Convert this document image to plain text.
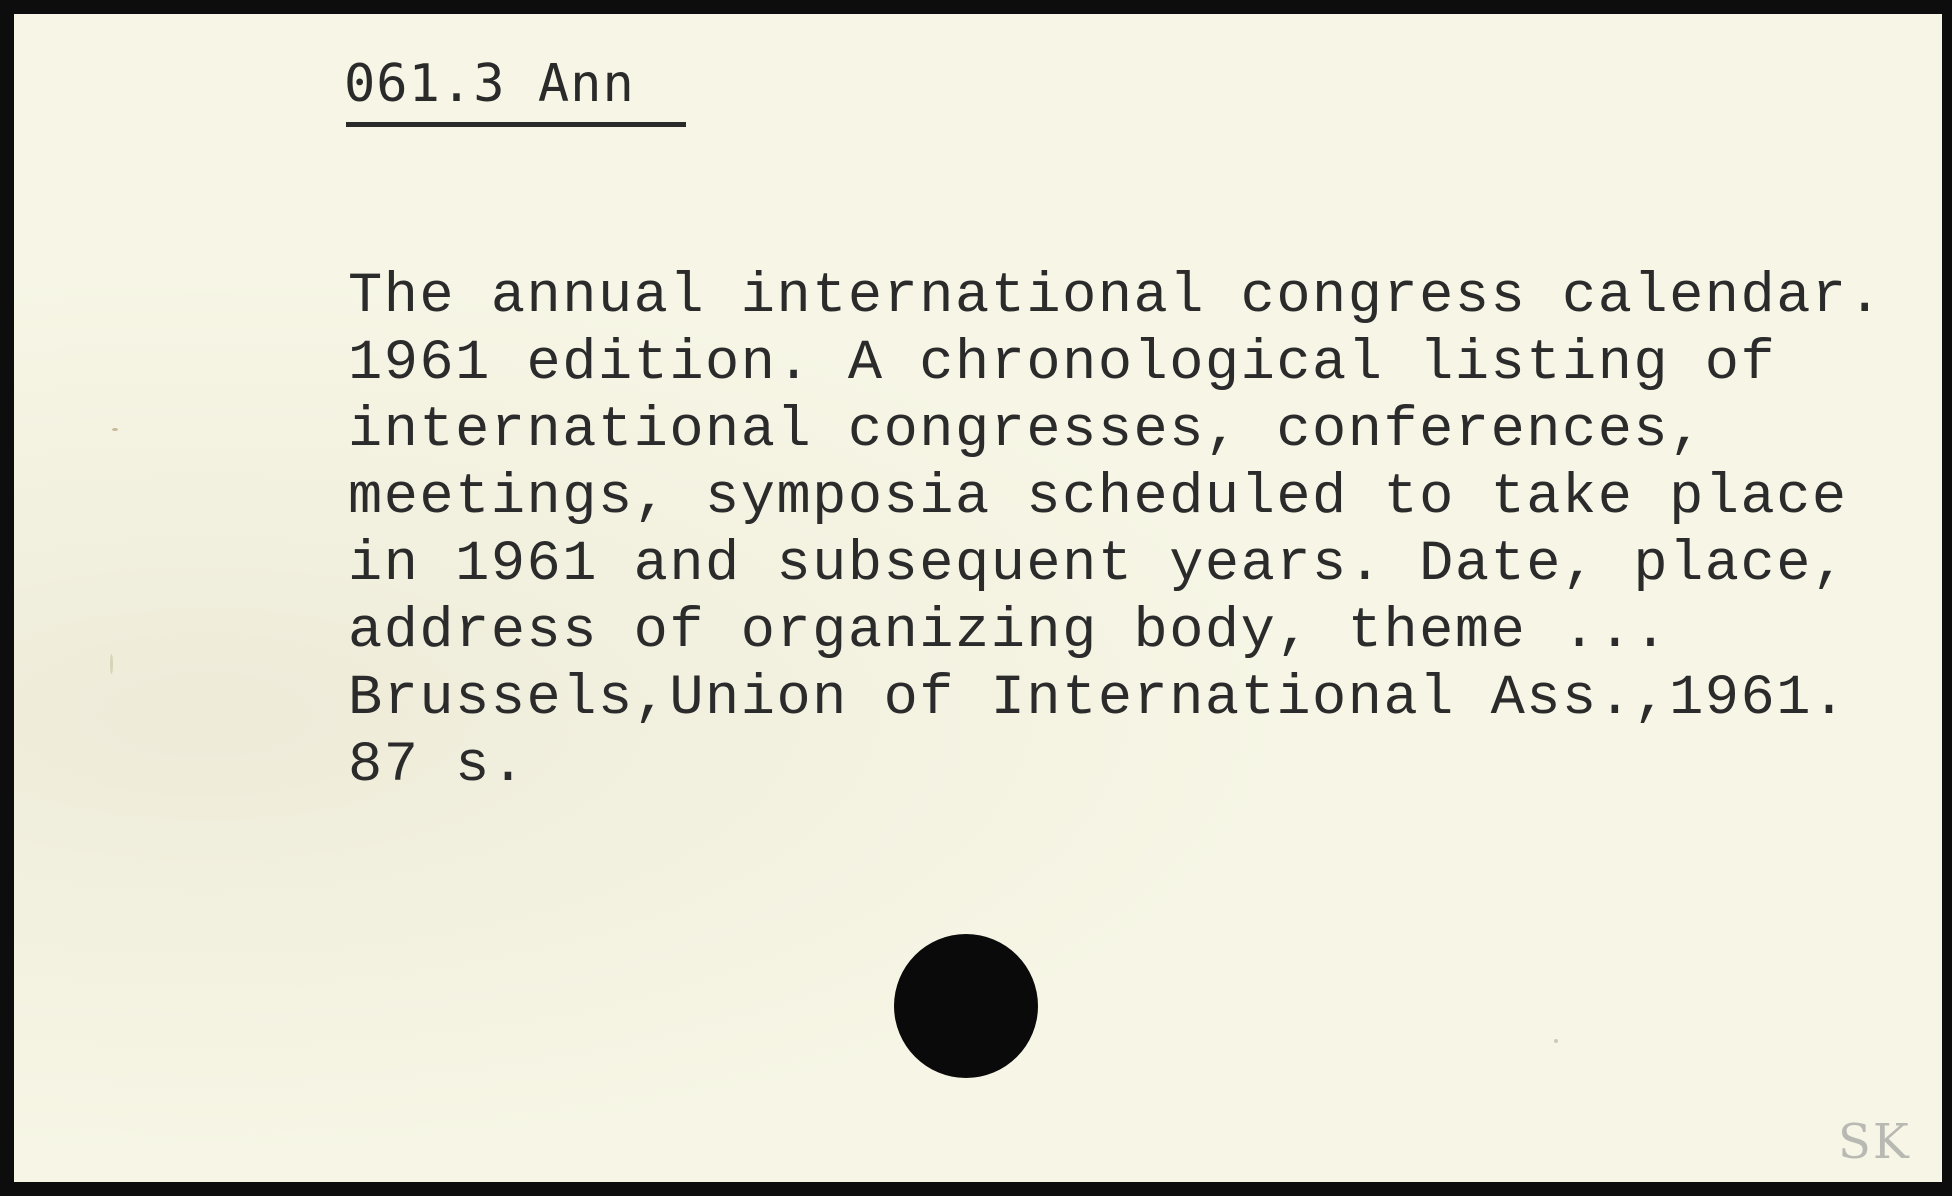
061.3 Ann
The annual international congress calendar.
1961 edition. A chronological listing of
international congresses, conferences,
meetings, symposia scheduled to take place
in 1961 and subsequent years. Date, place,
address of organizing body, theme ...
Brussels,Union of International Ass.,1961.
87 s.
SK
